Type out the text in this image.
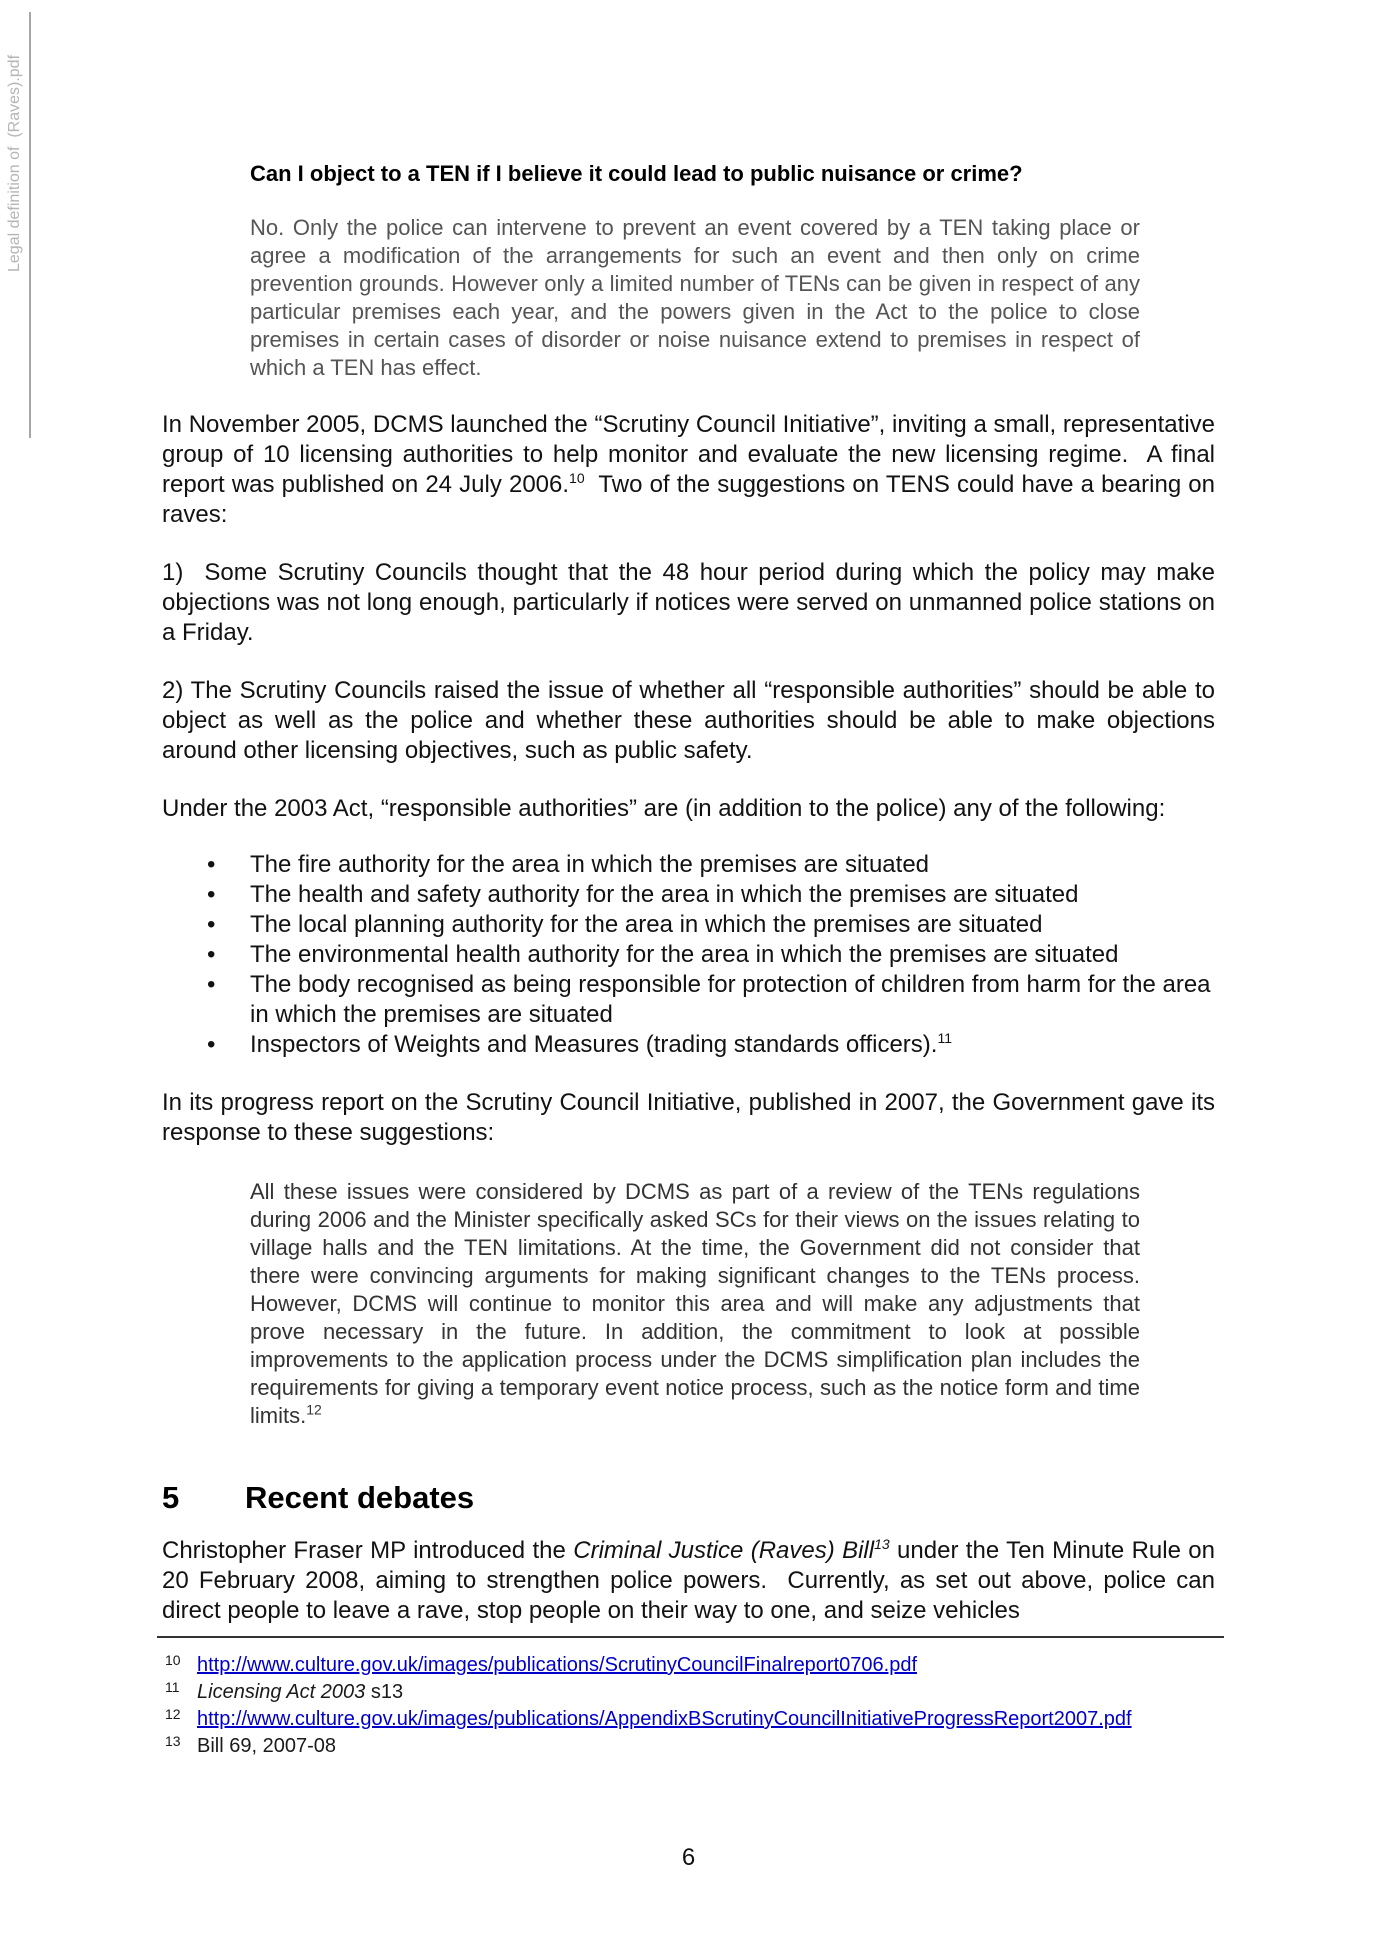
Legal definition of  (Raves).pdf	Can I object to a TEN if I believe it could lead to public nuisance or crime?
No. Only the police can intervene to prevent an event covered by a TEN taking place or agree a modification of the arrangements for such an event and then only on crime prevention grounds. However only a limited number of TENs can be given in respect of any particular premises each year, and the powers given in the Act to the police to close premises in certain cases of disorder or noise nuisance extend to premises in respect of which a TEN has effect.

In November 2005, DCMS launched the “Scrutiny Council Initiative”, inviting a small, representative group of 10 licensing authorities to help monitor and evaluate the new licensing regime.  A final report was published on 24 July 2006.10  Two of the suggestions on TENS could have a bearing on raves:

1)  Some Scrutiny Councils thought that the 48 hour period during which the policy may make objections was not long enough, particularly if notices were served on unmanned police stations on a Friday.

2) The Scrutiny Councils raised the issue of whether all “responsible authorities” should be able to object as well as the police and whether these authorities should be able to make objections around other licensing objectives, such as public safety.

Under the 2003 Act, “responsible authorities” are (in addition to the police) any of the following:

• The fire authority for the area in which the premises are situated
• The health and safety authority for the area in which the premises are situated
• The local planning authority for the area in which the premises are situated
• The environmental health authority for the area in which the premises are situated
• The body recognised as being responsible for protection of children from harm for the area in which the premises are situated
• Inspectors of Weights and Measures (trading standards officers).$^{11}$

In its progress report on the Scrutiny Council Initiative, published in 2007, the Government gave its response to these suggestions:

All these issues were considered by DCMS as part of a review of the TENs regulations during 2006 and the Minister specifically asked SCs for their views on the issues relating to village halls and the TEN limitations. At the time, the Government did not consider that there were convincing arguments for making significant changes to the TENs process. However, DCMS will continue to monitor this area and will make any adjustments that prove necessary in the future. In addition, the commitment to look at possible improvements to the application process under the DCMS simplification plan includes the requirements for giving a temporary event notice process, such as the notice form and time limits.$^{12}$
5	Recent debates

Christopher Fraser MP introduced the Criminal Justice (Raves) Bill$^{13}$ under the Ten Minute Rule on 20 February 2008, aiming to strengthen police powers.  Currently, as set out above, police can direct people to leave a rave, stop people on their way to one, and seize vehicles

10 http://www.culture.gov.uk/images/publications/ScrutinyCouncilFinalreport0706.pdf
11 Licensing Act 2003 s13
12 http://www.culture.gov.uk/images/publications/AppendixBScrutinyCouncilInitiativeProgressReport2007.pdf
13 Bill 69, 2007-08
6
